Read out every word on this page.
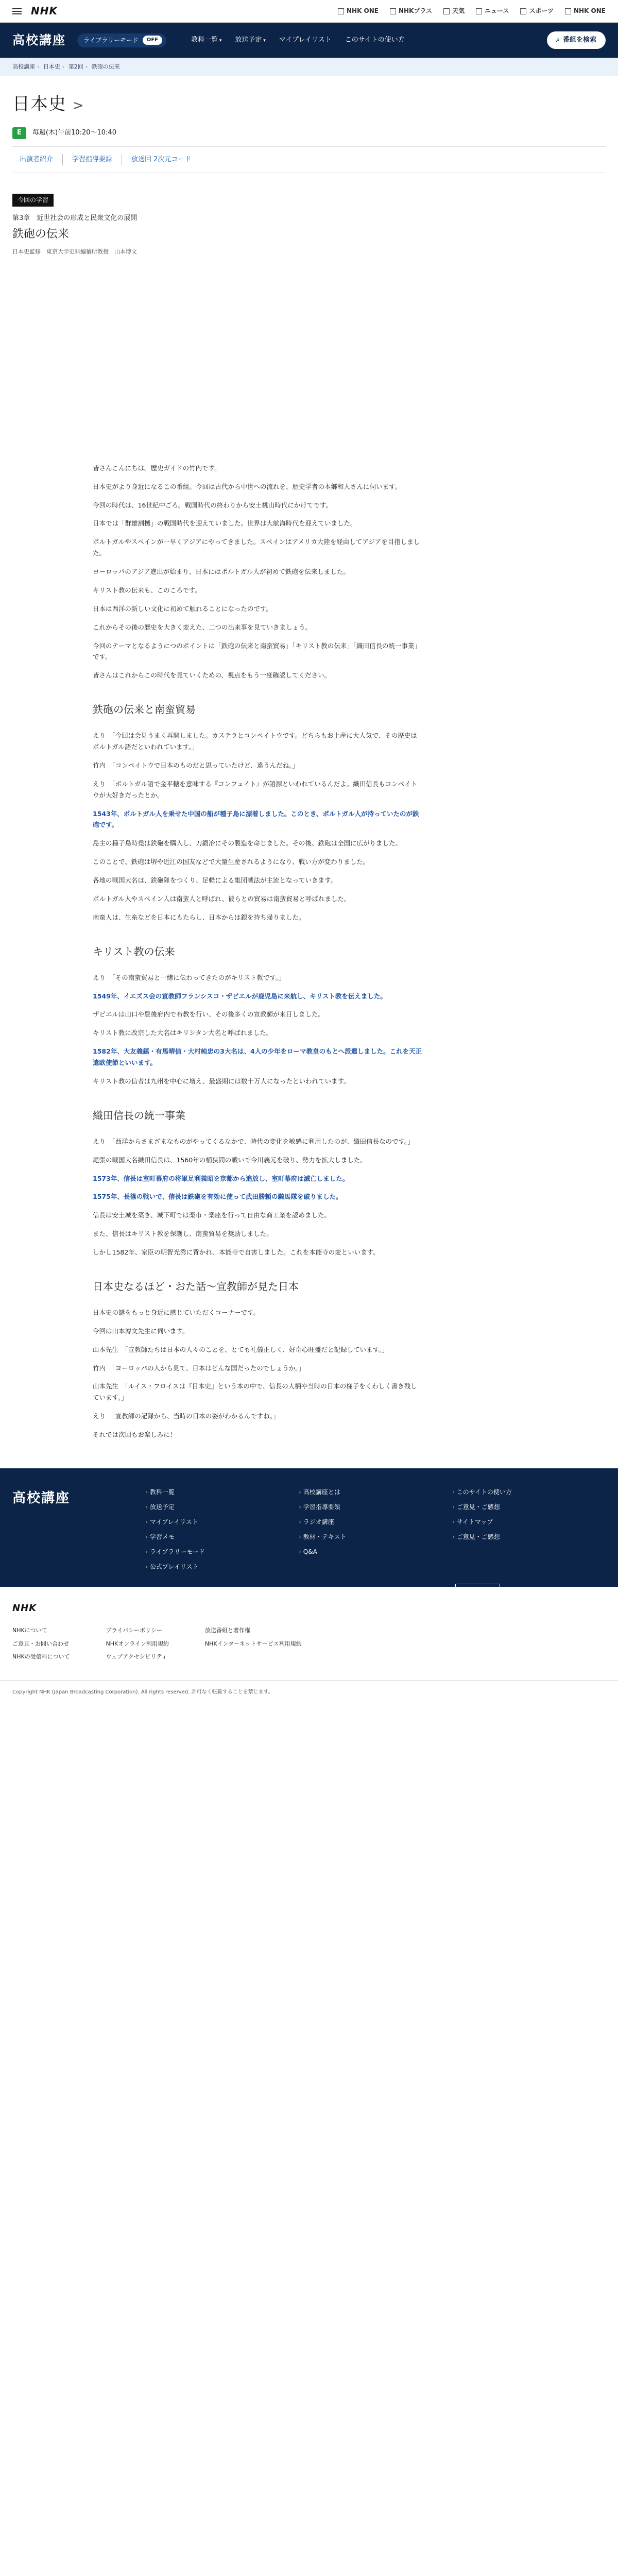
NHK	NHK ONE	NHKプラス	天気	ニュース	スポーツ	NHK ONE
高校講座	ライブラリーモード	OFF	教科一覧 ▾	放送予定 ▾	マイプレイリスト このサイトの使い方	⌕ 番組を検索
高校講座 › 日本史 › 第2回 › 鉄砲の伝来
日本史 >
E	毎週(木)午前10:20〜10:40
出演者紹介	学習指導要録	放送回 2次元コード
今回の学習
第3章　近世社会の形成と民衆文化の展開
鉄砲の伝来
日本史監修　東京大学史料編纂所教授　山本博文

皆さんこんにちは。歴史ガイドの竹内です。

日本史がより身近になるこの番組。今回は古代から中世への流れを、歴史学者の本郷和人さんに伺います。

今回の時代は、16世紀中ごろ。戦国時代の終わりから安土桃山時代にかけてです。

日本では「群雄割拠」の戦国時代を迎えていました。世界は大航海時代を迎えていました。

ポルトガルやスペインが一早くアジアにやってきました。スペインはアメリカ大陸を経由してアジアを目指しました。

ヨーロッパのアジア進出が始まり、日本にはポルトガル人が初めて鉄砲を伝来しました。

キリスト教の伝来も、このころです。

日本は西洋の新しい文化に初めて触れることになったのです。

これからその後の歴史を大きく変えた、二つの出来事を見ていきましょう。

今回のテーマとなるようにつのポイントは「鉄砲の伝来と南蛮貿易」「キリスト教の伝来」「織田信長の統一事業」です。

皆さんはこれからこの時代を見ていくための、視点をもう一度確認してください。

鉄砲の伝来と南蛮貿易

えり　「今回は会見うまく再開しました。カステラとコンペイトウです。どちらもお土産に大人気で、その歴史はポルトガル語だといわれています。」

竹内　「コンペイトウで日本のものだと思っていたけど、違うんだね。」

えり　「ポルトガル語で金平糖を意味する『コンフェイト』が語源といわれているんだよ。織田信長もコンペイトウが大好きだったとか。

1543年、ポルトガル人を乗せた中国の船が種子島に漂着しました。このとき、ポルトガル人が持っていたのが鉄砲です。

島主の種子島時堯は鉄砲を購入し、刀鍛冶にその製造を命じました。その後、鉄砲は全国に広がりました。

このことで、鉄砲は堺や近江の国友などで大量生産されるようになり、戦い方が変わりました。

各地の戦国大名は、鉄砲隊をつくり、足軽による集団戦法が主流となっていきます。

ポルトガル人やスペイン人は南蛮人と呼ばれ、彼らとの貿易は南蛮貿易と呼ばれました。

南蛮人は、生糸などを日本にもたらし、日本からは銀を持ち帰りました。

キリスト教の伝来

えり　「その南蛮貿易と一緒に伝わってきたのがキリスト教です。」

1549年、イエズス会の宣教師フランシスコ・ザビエルが鹿児島に来航し、キリスト教を伝えました。

ザビエルは山口や豊後府内で布教を行い、その後多くの宣教師が来日しました。

キリスト教に改宗した大名はキリシタン大名と呼ばれました。

1582年、大友義鎮・有馬晴信・大村純忠の3大名は、4人の少年をローマ教皇のもとへ派遣しました。これを天正遣欧使節といいます。

キリスト教の信者は九州を中心に増え、最盛期には数十万人になったといわれています。

織田信長の統一事業

えり　「西洋からさまざまなものがやってくるなかで、時代の変化を敏感に利用したのが、織田信長なのです。」

尾張の戦国大名織田信長は、1560年の桶狭間の戦いで今川義元を破り、勢力を拡大しました。

1573年、信長は室町幕府の将軍足利義昭を京都から追放し、室町幕府は滅亡しました。

1575年、長篠の戦いで、信長は鉄砲を有効に使って武田勝頼の騎馬隊を破りました。

信長は安土城を築き、城下町では楽市・楽座を行って自由な商工業を認めました。

また、信長はキリスト教を保護し、南蛮貿易を奨励しました。

しかし1582年、家臣の明智光秀に背かれ、本能寺で自害しました。これを本能寺の変といいます。

日本史なるほど・おた話〜宣教師が見た日本

日本史の謎をもっと身近に感じていただくコーナーです。

今回は山本博文先生に伺います。

山本先生　「宣教師たちは日本の人々のことを、とても礼儀正しく、好奇心旺盛だと記録しています。」

竹内　「ヨーロッパの人から見て、日本はどんな国だったのでしょうか。」

山本先生　「ルイス・フロイスは『日本史』という本の中で、信長の人柄や当時の日本の様子をくわしく書き残しています。」

えり　「宣教師の記録から、当時の日本の姿がわかるんですね。」

それでは次回もお楽しみに！

高校講座
›	教科一覧
› 放送予定
› マイプレイリスト
› 学習メモ
› ライブラリーモード
› 公式プレイリスト
› 高校講座とは
› 学習指導要領
› ラジオ講座
› 教材・テキスト
› Q&A
› このサイトの使い方
› ご意見・ご感想
› サイトマップ
› ご意見・ご感想
ページトップ
NHK
NHKについて
ご意見・お問い合わせ
NHKの受信料について
プライバシーポリシー
NHKオンライン利用規約
ウェブアクセシビリティ
放送番組と著作権
NHKインターネットサービス利用規約
Copyright NHK (Japan Broadcasting Corporation). All rights reserved. 許可なく転載することを禁じます。
